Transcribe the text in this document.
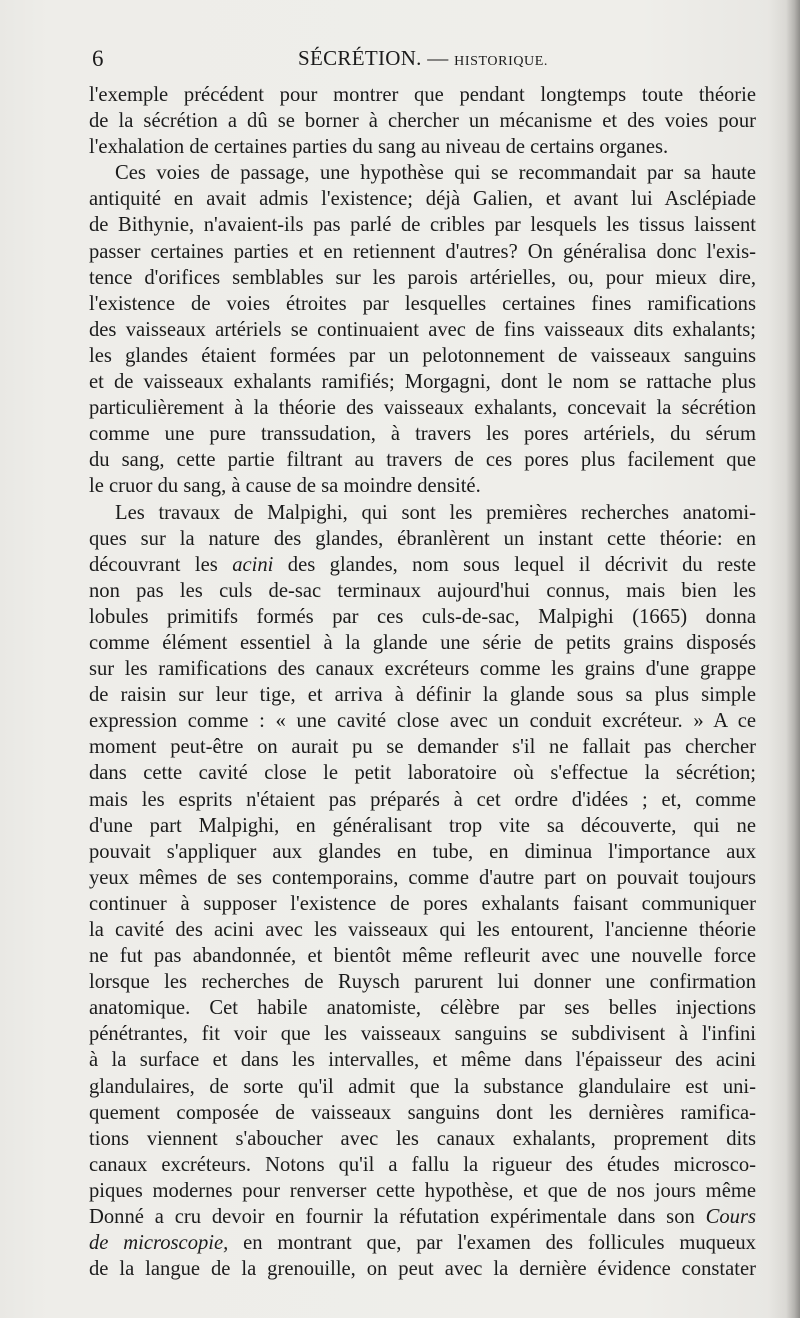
6	SÉCRÉTION. — HISTORIQUE.
l'exemple précédent pour montrer que pendant longtemps toute théorie
de la sécrétion a dû se borner à chercher un mécanisme et des voies pour
l'exhalation de certaines parties du sang au niveau de certains organes.
Ces voies de passage, une hypothèse qui se recommandait par sa haute
antiquité en avait admis l'existence; déjà Galien, et avant lui Asclépiade
de Bithynie, n'avaient-ils pas parlé de cribles par lesquels les tissus laissent
passer certaines parties et en retiennent d'autres? On généralisa donc l'exis-
tence d'orifices semblables sur les parois artérielles, ou, pour mieux dire,
l'existence de voies étroites par lesquelles certaines fines ramifications
des vaisseaux artériels se continuaient avec de fins vaisseaux dits exhalants;
les glandes étaient formées par un pelotonnement de vaisseaux sanguins
et de vaisseaux exhalants ramifiés; Morgagni, dont le nom se rattache plus
particulièrement à la théorie des vaisseaux exhalants, concevait la sécrétion
comme une pure transsudation, à travers les pores artériels, du sérum
du sang, cette partie filtrant au travers de ces pores plus facilement que
le cruor du sang, à cause de sa moindre densité.
Les travaux de Malpighi, qui sont les premières recherches anatomi-
ques sur la nature des glandes, ébranlèrent un instant cette théorie: en
découvrant les acini des glandes, nom sous lequel il décrivit du reste
non pas les culs de-sac terminaux aujourd'hui connus, mais bien les
lobules primitifs formés par ces culs-de-sac, Malpighi (1665) donna
comme élément essentiel à la glande une série de petits grains disposés
sur les ramifications des canaux excréteurs comme les grains d'une grappe
de raisin sur leur tige, et arriva à définir la glande sous sa plus simple
expression comme : « une cavité close avec un conduit excréteur. » A ce
moment peut-être on aurait pu se demander s'il ne fallait pas chercher
dans cette cavité close le petit laboratoire où s'effectue la sécrétion;
mais les esprits n'étaient pas préparés à cet ordre d'idées ; et, comme
d'une part Malpighi, en généralisant trop vite sa découverte, qui ne
pouvait s'appliquer aux glandes en tube, en diminua l'importance aux
yeux mêmes de ses contemporains, comme d'autre part on pouvait toujours
continuer à supposer l'existence de pores exhalants faisant communiquer
la cavité des acini avec les vaisseaux qui les entourent, l'ancienne théorie
ne fut pas abandonnée, et bientôt même refleurit avec une nouvelle force
lorsque les recherches de Ruysch parurent lui donner une confirmation
anatomique. Cet habile anatomiste, célèbre par ses belles injections
pénétrantes, fit voir que les vaisseaux sanguins se subdivisent à l'infini
à la surface et dans les intervalles, et même dans l'épaisseur des acini
glandulaires, de sorte qu'il admit que la substance glandulaire est uni-
quement composée de vaisseaux sanguins dont les dernières ramifica-
tions viennent s'aboucher avec les canaux exhalants, proprement dits
canaux excréteurs. Notons qu'il a fallu la rigueur des études microsco-
piques modernes pour renverser cette hypothèse, et que de nos jours même
Donné a cru devoir en fournir la réfutation expérimentale dans son Cours
de microscopie, en montrant que, par l'examen des follicules muqueux
de la langue de la grenouille, on peut avec la dernière évidence constater
